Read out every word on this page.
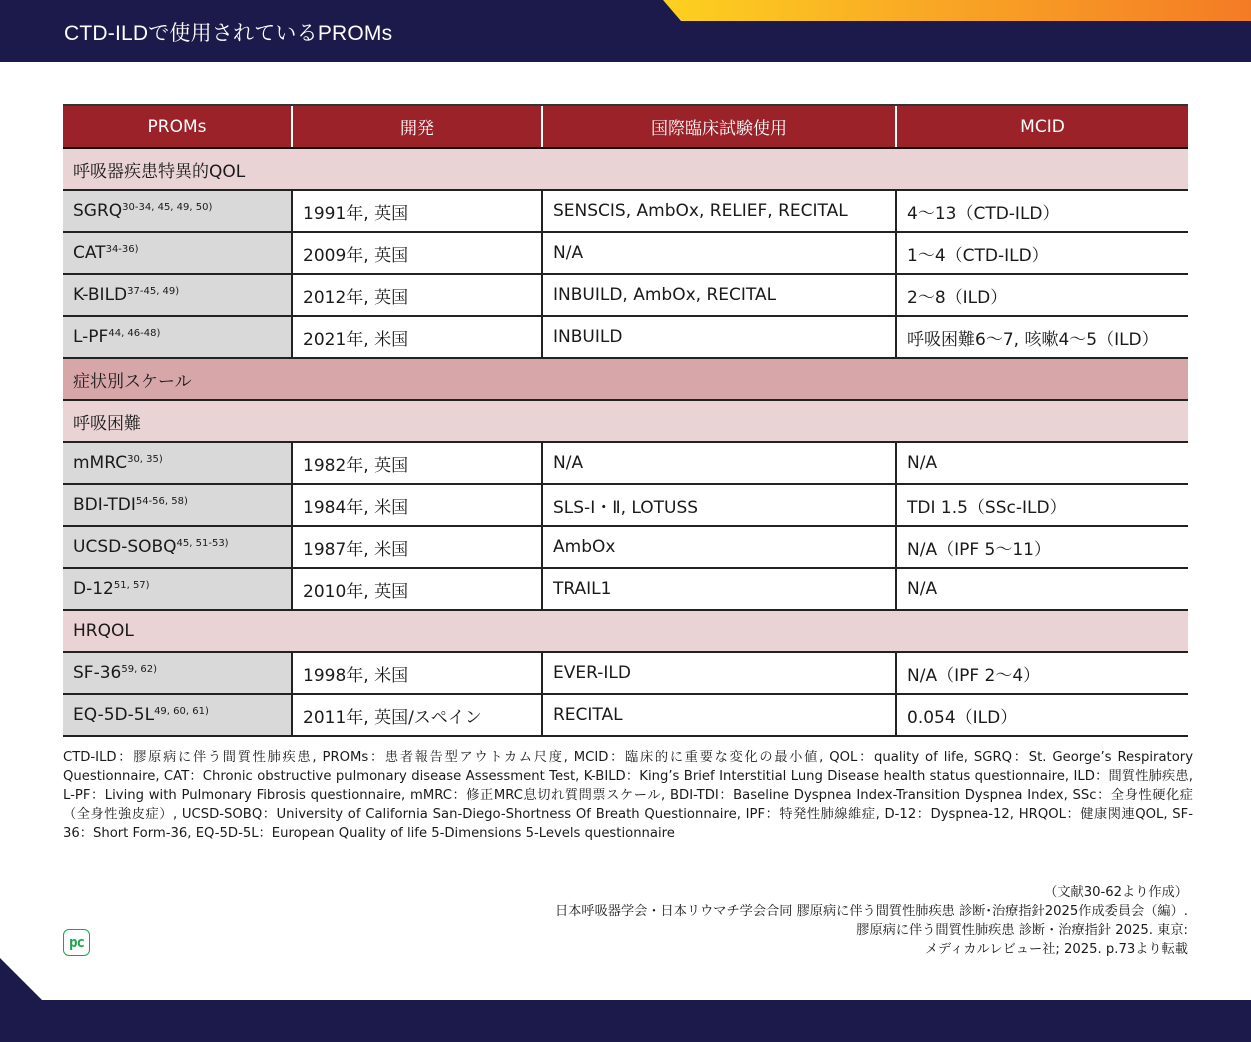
CTD-ILDで使用されているPROMs
PROMs	開発	国際臨床試験使用	MCID
呼吸器疾患特異的QOL			
SGRQ$^{30-34, 45, 49, 50)}$	1991年, 英国	SENSCIS, AmbOx, RELIEF, RECITAL	4～13（CTD-ILD）
CAT$^{34-36)}$	2009年, 英国	N/A	1～4（CTD-ILD）
K-BILD$^{37-45, 49)}$	2012年, 英国	INBUILD, AmbOx, RECITAL	2～8（ILD）
L-PF$^{44, 46-48)}$	2021年, 米国	INBUILD	呼吸困難6～7, 咳嗽4～5（ILD）
症状別スケール			
呼吸困難			
mMRC$^{30, 35)}$	1982年, 英国	N/A	N/A
BDI-TDI$^{54-56, 58)}$	1984年, 米国	SLS-Ⅰ・Ⅱ, LOTUSS	TDI 1.5（SSc-ILD）
UCSD-SOBQ$^{45, 51-53)}$	1987年, 米国	AmbOx	N/A（IPF 5～11）
D-12$^{51, 57)}$	2010年, 英国	TRAIL1	N/A
HRQOL			
SF-36$^{59, 62)}$	1998年, 米国	EVER-ILD	N/A（IPF 2～4）
$EQ-5D-5L^{49, 60, 61)}$	2011年, 英国/スペイン	RECITAL	0.054（ILD）
CTD-ILD：膠原病に伴う間質性肺疾患, PROMs：患者報告型アウトカム尺度, MCID：臨床的に重要な変化の最小値, QOL：quality of life, SGRQ：St. George’s Respiratory Questionnaire, CAT：Chronic obstructive pulmonary disease Assessment Test, K-BILD：King’s Brief Interstitial Lung Disease health status questionnaire, ILD：間質性肺疾患, L-PF：Living with Pulmonary Fibrosis questionnaire, mMRC：修正MRC息切れ質問票スケール, BDI-TDI：Baseline Dyspnea Index-Transition Dyspnea Index, SSc：全身性硬化症（全身性強皮症）, UCSD-SOBQ：University of California San-Diego-Shortness Of Breath Questionnaire, IPF：特発性肺線維症, D-12：Dyspnea-12, HRQOL：健康関連QOL, SF-36：Short Form-36, EQ-5D-5L：European Quality of life 5-Dimensions 5-Levels questionnaire
（文献30-62より作成）
日本呼吸器学会・日本リウマチ学会合同 膠原病に伴う間質性肺疾患 診断･治療指針2025作成委員会（編）.
膠原病に伴う間質性肺疾患 診断・治療指針 2025. 東京:
メディカルレビュー社; 2025. p.73より転載
pc
